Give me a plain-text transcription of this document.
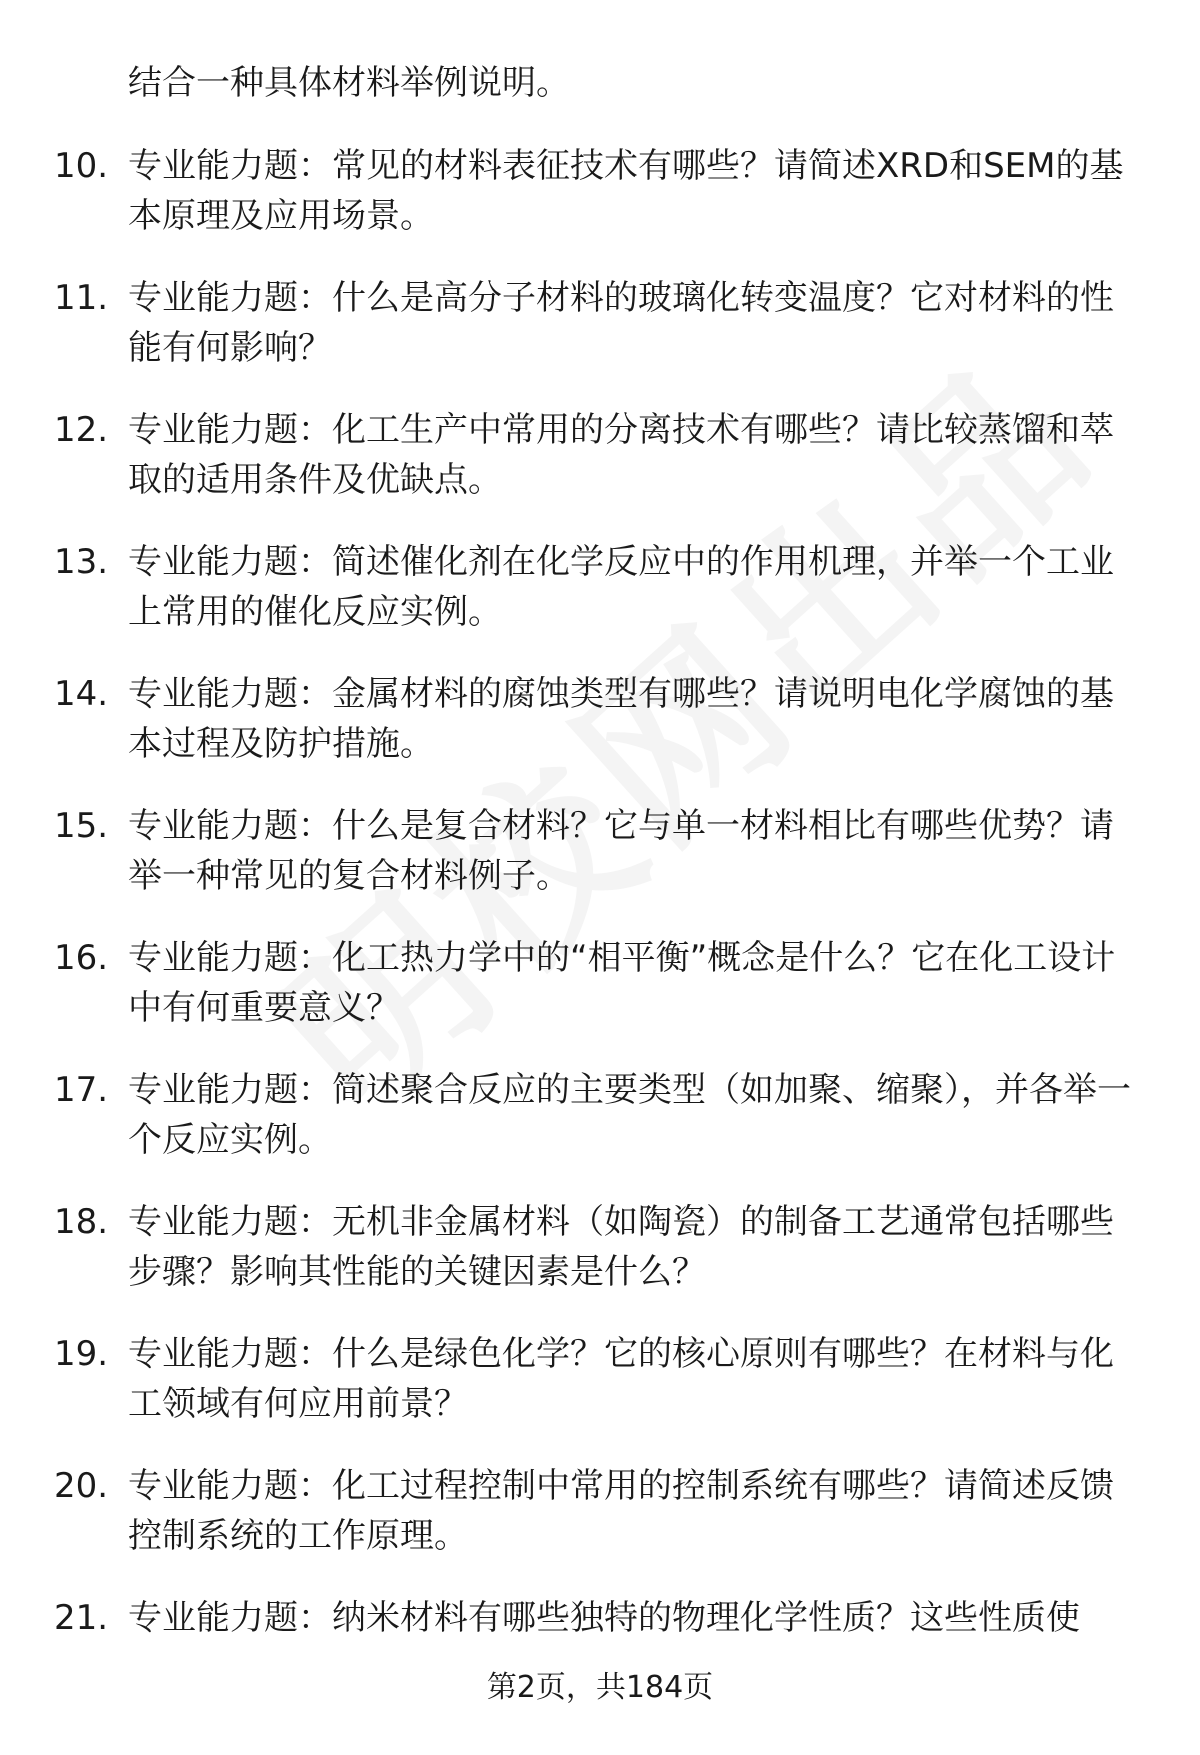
结合一种具体材料举例说明。
10. 专业能力题：常见的材料表征技术有哪些？请简述XRD和SEM的基本原理及应用场景。
11. 专业能力题：什么是高分子材料的玻璃化转变温度？它对材料的性能有何影响？
12. 专业能力题：化工生产中常用的分离技术有哪些？请比较蒸馏和萃取的适用条件及优缺点。
13. 专业能力题：简述催化剂在化学反应中的作用机理，并举一个工业上常用的催化反应实例。
14. 专业能力题：金属材料的腐蚀类型有哪些？请说明电化学腐蚀的基本过程及防护措施。
15. 专业能力题：什么是复合材料？它与单一材料相比有哪些优势？请举一种常见的复合材料例子。
16. 专业能力题：化工热力学中的“相平衡”概念是什么？它在化工设计中有何重要意义？
17. 专业能力题：简述聚合反应的主要类型（如加聚、缩聚），并各举一个反应实例。
18. 专业能力题：无机非金属材料（如陶瓷）的制备工艺通常包括哪些步骤？影响其性能的关键因素是什么？
19. 专业能力题：什么是绿色化学？它的核心原则有哪些？在材料与化工领域有何应用前景？
20. 专业能力题：化工过程控制中常用的控制系统有哪些？请简述反馈控制系统的工作原理。
21. 专业能力题：纳米材料有哪些独特的物理化学性质？这些性质使
第2页，共184页
